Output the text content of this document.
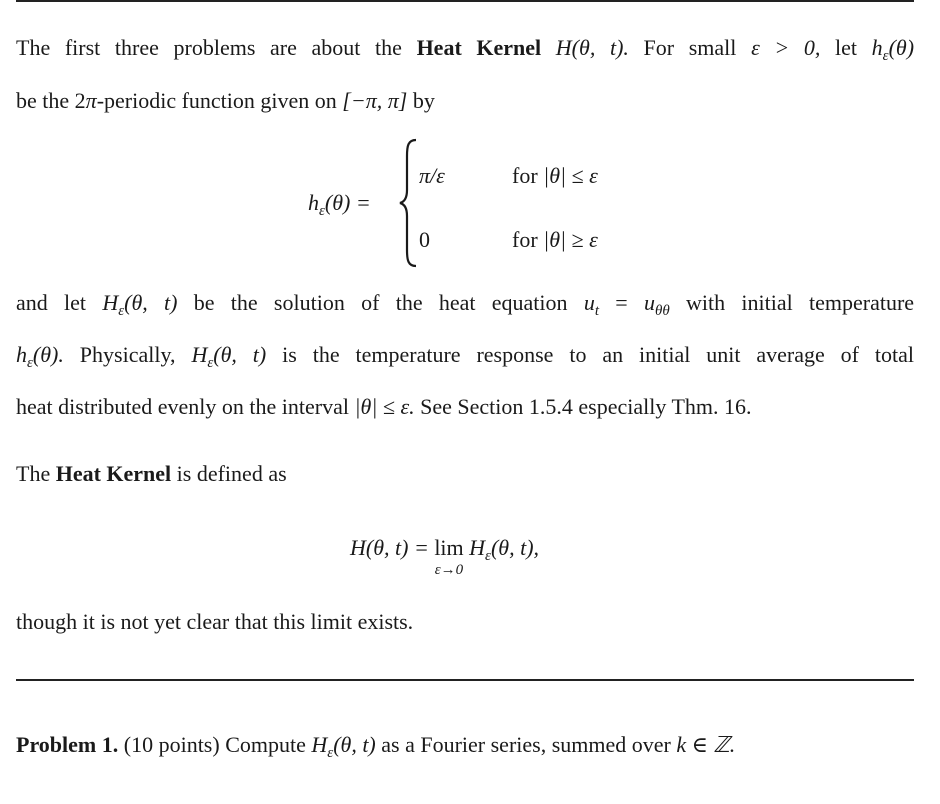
The first three problems are about the Heat Kernel H(θ, t). For small ε > 0, let $h_\varepsilon(\theta)$
be the 2π-periodic function given on [−π, π] by
$h_\varepsilon(\theta)$ =
π/ε	for |θ| ≤ ε
0	for |θ| ≥ ε
and let $H_\varepsilon(\theta$, t) be the solution of the heat equation $u_t = u_{\theta\theta}$ with initial temperature
$h_\varepsilon(\theta)$. Physically, $H_\varepsilon(\theta$, t) is the temperature response to an initial unit average of total
heat distributed evenly on the interval |θ| ≤ ε. See Section 1.5.4 especially Thm. 16.
The Heat Kernel is defined as
H(θ, t) = lim
ε→0
$H_\varepsilon(\theta$, t),
though it is not yet clear that this limit exists.
Problem 1. (10 points) Compute $H_\varepsilon(\theta$, t) as a Fourier series, summed over k ∈ ℤ.
